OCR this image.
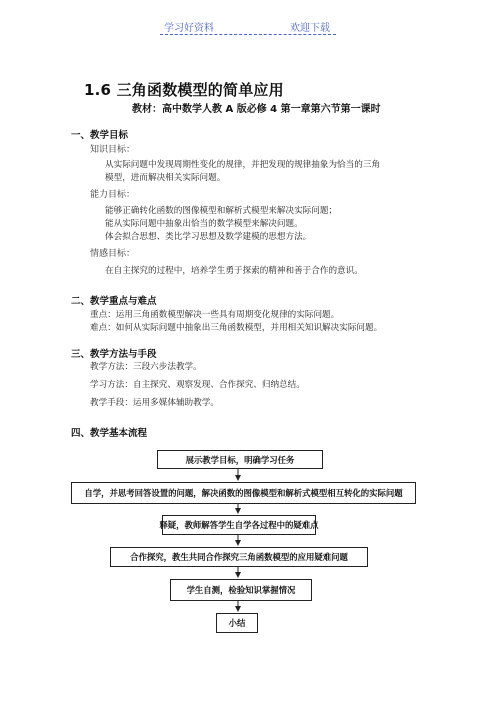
学习好资料	欢迎下载
1.6 三角函数模型的简单应用
教材：高中数学人教 A 版必修 4 第一章第六节第一课时
一、教学目标
知识目标：
从实际问题中发现周期性变化的规律，并把发现的规律抽象为恰当的三角
模型，进而解决相关实际问题。
能力目标：
能够正确转化函数的图像模型和解析式模型来解决实际问题；
能从实际问题中抽象出恰当的数学模型来解决问题。
体会拟合思想、类比学习思想及数学建模的思想方法。
情感目标：
在自主探究的过程中，培养学生勇于探索的精神和善于合作的意识。
二、教学重点与难点
重点：运用三角函数模型解决一些具有周期变化规律的实际问题。
难点：如何从实际问题中抽象出三角函数模型，并用相关知识解决实际问题。
三、教学方法与手段
教学方法：三段六步法教学。
学习方法：自主探究、观察发现、合作探究、归纳总结。
教学手段：运用多媒体辅助教学。
四、教学基本流程
展示教学目标，明确学习任务
自学，并思考回答设置的问题，解决函数的图像模型和解析式模型相互转化的实际问题
释疑，教师解答学生自学各过程中的疑难点
合作探究，教生共同合作探究三角函数模型的应用疑难问题
学生自测，检验知识掌握情况
小结
